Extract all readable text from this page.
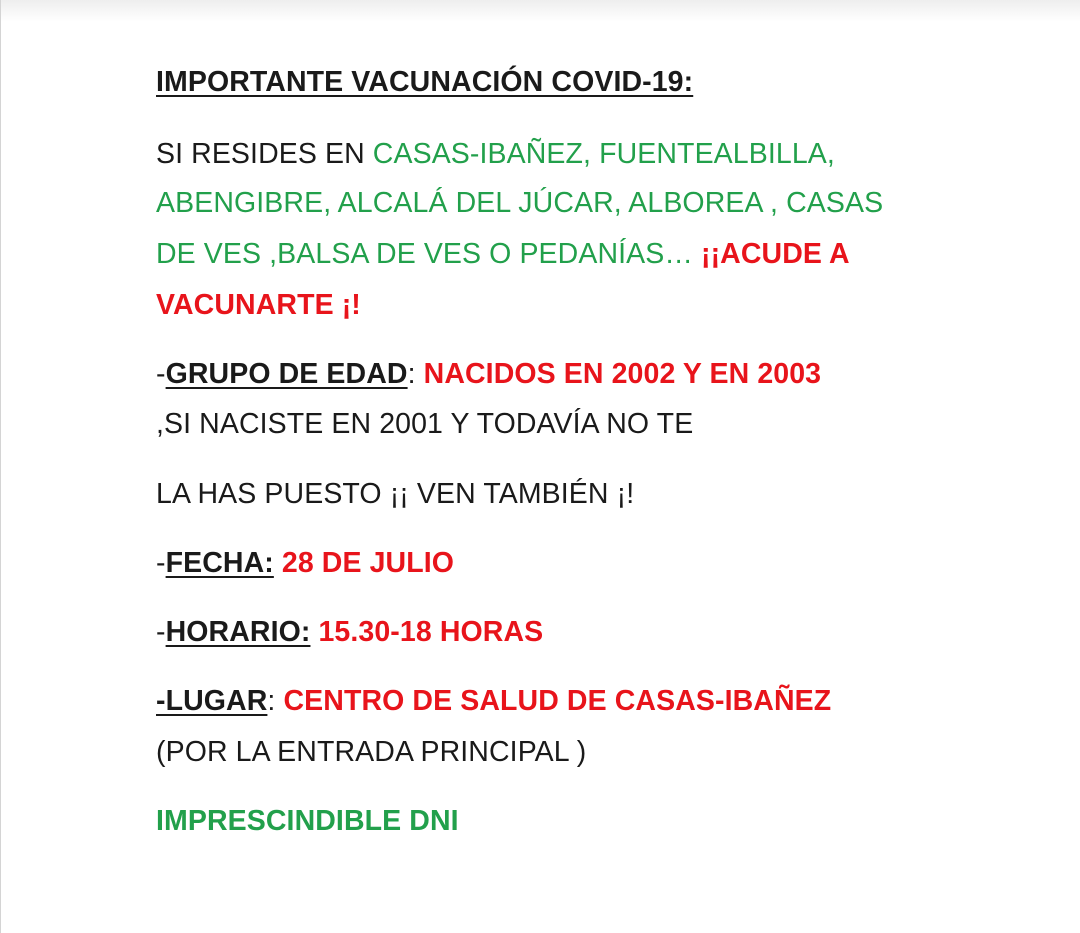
IMPORTANTE VACUNACIÓN COVID-19:
SI RESIDES EN CASAS-IBAÑEZ, FUENTEALBILLA,
ABENGIBRE, ALCALÁ DEL JÚCAR, ALBOREA , CASAS
DE VES ,BALSA DE VES O PEDANÍAS… ¡¡ACUDE A
VACUNARTE ¡!
-GRUPO DE EDAD: NACIDOS EN 2002 Y EN 2003
,SI NACISTE EN 2001 Y TODAVÍA NO TE
LA HAS PUESTO ¡¡ VEN TAMBIÉN ¡!
-FECHA: 28 DE JULIO
-HORARIO: 15.30-18 HORAS
-LUGAR: CENTRO DE SALUD DE CASAS-IBAÑEZ
(POR LA ENTRADA PRINCIPAL )
IMPRESCINDIBLE DNI
